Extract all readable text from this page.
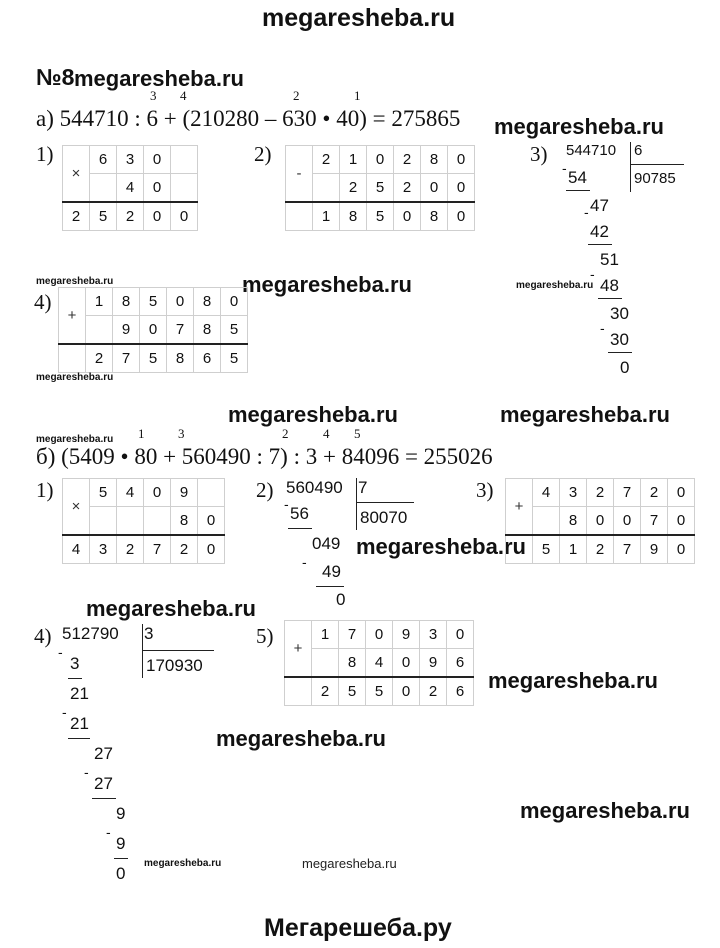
megaresheba.ru
Мегарешеба.ру
№8 megaresheba.ru
3 4	2	1
а) 544710 : 6 + (210280 – 630 • 40) = 275865 megaresheba.ru
1)
×	6	3	0	
		4	0	
2	5	2	0	0
2)
-	2	1	0	2	8	0
		2	5	2	0	0
	1	8	5	0	8	0
3) 544710 6
90785
- 54
- 47
42
-
51
48
-
30
30
0
megaresheba.ru	megaresheba.ru	megaresheba.ru
4)
+	1	8	5	0	8	0
		9	0	7	8	5
	2	7	5	8	6	5
megaresheba.ru
megaresheba.ru	megaresheba.ru
megaresheba.ru 1	3	2	4 5
б) (5409 • 80 + 560490 : 7) : 3 + 84096 = 255026
1)
×	5	4	0	9	
				8	0
4	3	2	7	2	0
2) 560490 7
80070
- 56
049
- 49
0
megaresheba.ru
3)
+	4	3	2	7	2	0
		8	0	0	7	0
	5	1	2	7	9	0
megaresheba.ru
4) 512790 3
170930
-
3
21
-
21
27
-
27
9
-
9
0
5)
+	1	7	0	9	3	0
		8	4	0	9	6
	2	5	5	0	2	6 megaresheba.ru
megaresheba.ru
megaresheba.ru
megaresheba.ru	megaresheba.ru
